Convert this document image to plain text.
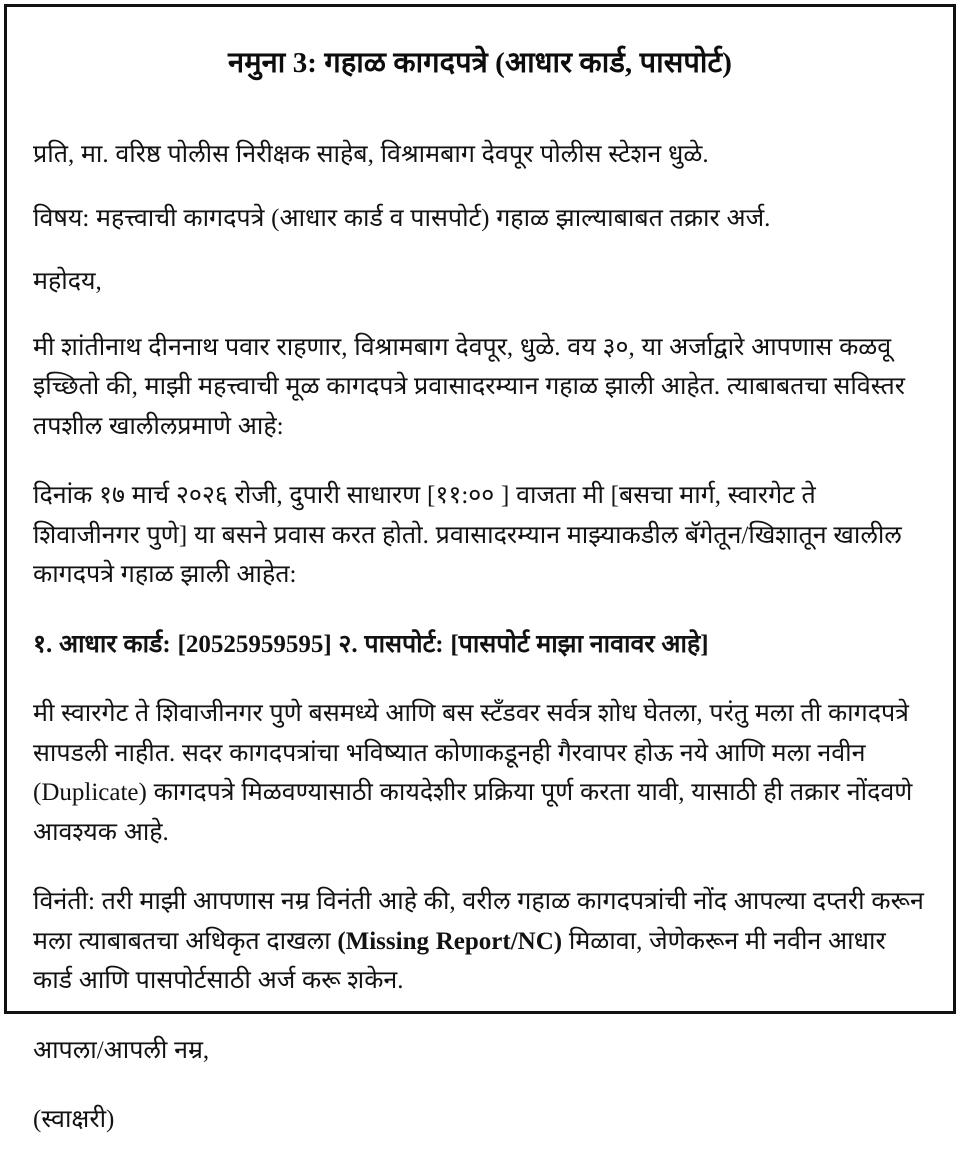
नमुना 3: गहाळ कागदपत्रे (आधार कार्ड, पासपोर्ट)

प्रति, मा. वरिष्ठ पोलीस निरीक्षक साहेब, विश्रामबाग देवपूर पोलीस स्टेशन धुळे.

विषय: महत्त्वाची कागदपत्रे (आधार कार्ड व पासपोर्ट) गहाळ झाल्याबाबत तक्रार अर्ज.

महोदय,

मी शांतीनाथ दीननाथ पवार राहणार, विश्रामबाग देवपूर, धुळे. वय ३०, या अर्जाद्वारे आपणास कळवू इच्छितो की, माझी महत्त्वाची मूळ कागदपत्रे प्रवासादरम्यान गहाळ झाली आहेत. त्याबाबतचा सविस्तर तपशील खालीलप्रमाणे आहे:

दिनांक १७ मार्च २०२६ रोजी, दुपारी साधारण [११:०० ] वाजता मी [बसचा मार्ग, स्वारगेट ते शिवाजीनगर पुणे] या बसने प्रवास करत होतो. प्रवासादरम्यान माझ्याकडील बॅगेतून/खिशातून खालील कागदपत्रे गहाळ झाली आहेत:

१. आधार कार्ड: [20525959595] २. पासपोर्ट: [पासपोर्ट माझा नावावर आहे]

मी स्वारगेट ते शिवाजीनगर पुणे बसमध्ये आणि बस स्टँडवर सर्वत्र शोध घेतला, परंतु मला ती कागदपत्रे सापडली नाहीत. सदर कागदपत्रांचा भविष्यात कोणाकडूनही गैरवापर होऊ नये आणि मला नवीन (Duplicate) कागदपत्रे मिळवण्यासाठी कायदेशीर प्रक्रिया पूर्ण करता यावी, यासाठी ही तक्रार नोंदवणे आवश्यक आहे.

विनंती: तरी माझी आपणास नम्र विनंती आहे की, वरील गहाळ कागदपत्रांची नोंद आपल्या दप्तरी करून मला त्याबाबतचा अधिकृत दाखला (Missing Report/NC) मिळावा, जेणेकरून मी नवीन आधार कार्ड आणि पासपोर्टसाठी अर्ज करू शकेन.

आपला/आपली नम्र,

(स्वाक्षरी)
